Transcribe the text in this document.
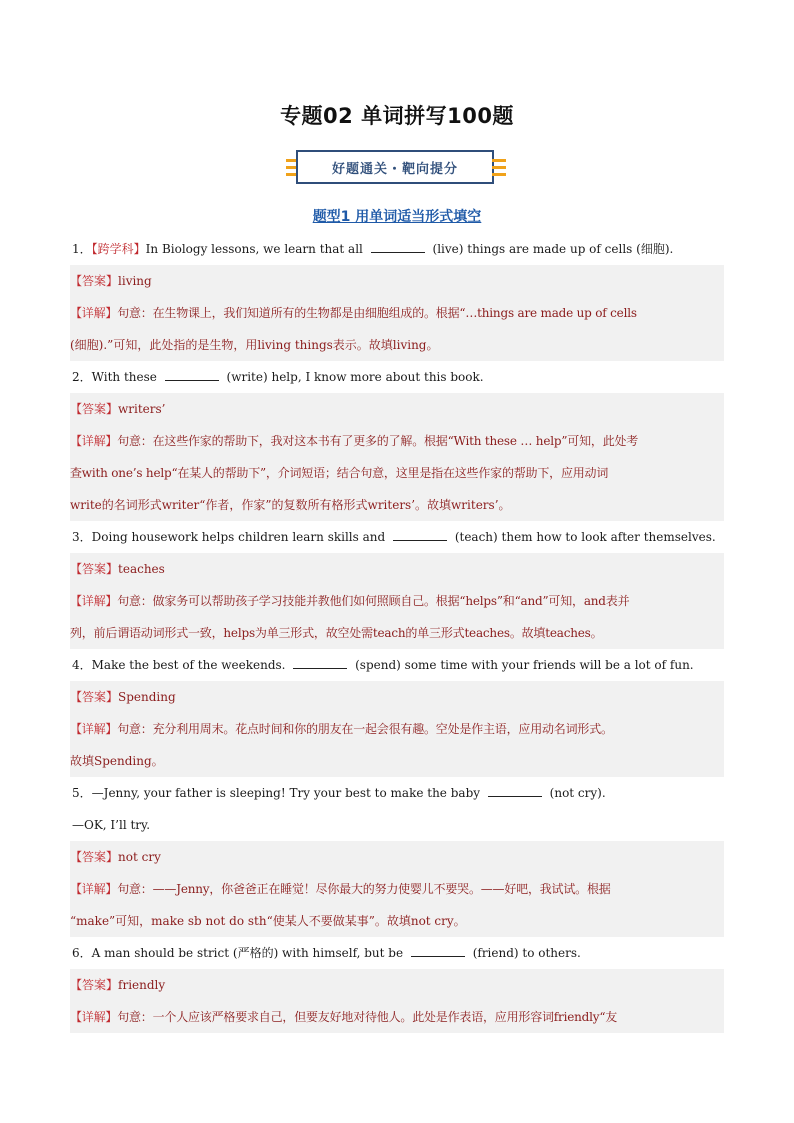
专题02 单词拼写100题
好题通关・靶向提分
题型1 用单词适当形式填空
1．【跨学科】In Biology lessons, we learn that all	(live) things are made up of cells (细胞).
【答案】living
【详解】句意：在生物课上，我们知道所有的生物都是由细胞组成的。根据“…things are made up of cells
(细胞).”可知，此处指的是生物，用living things表示。故填living。
2．With these	(write) help, I know more about this book.
【答案】writers’
【详解】句意：在这些作家的帮助下，我对这本书有了更多的了解。根据“With these … help”可知，此处考
查with one’s help“在某人的帮助下”，介词短语；结合句意，这里是指在这些作家的帮助下，应用动词
write的名词形式writer“作者，作家”的复数所有格形式writers’。故填writers’。
3．Doing housework helps children learn skills and	(teach) them how to look after themselves.
【答案】teaches
【详解】句意：做家务可以帮助孩子学习技能并教他们如何照顾自己。根据“helps”和“and”可知，and表并
列，前后谓语动词形式一致，helps为单三形式，故空处需teach的单三形式teaches。故填teaches。
4．Make the best of the weekends.	(spend) some time with your friends will be a lot of fun.
【答案】Spending
【详解】句意：充分利用周末。花点时间和你的朋友在一起会很有趣。空处是作主语，应用动名词形式。
故填Spending。
5．—Jenny, your father is sleeping! Try your best to make the baby	(not cry).
—OK, I’ll try.
【答案】not cry
【详解】句意：——Jenny，你爸爸正在睡觉！尽你最大的努力使婴儿不要哭。——好吧，我试试。根据
“make”可知，make sb not do sth“使某人不要做某事”。故填not cry。
6．A man should be strict (严格的) with himself, but be	(friend) to others.
【答案】friendly
【详解】句意：一个人应该严格要求自己，但要友好地对待他人。此处是作表语，应用形容词friendly“友
